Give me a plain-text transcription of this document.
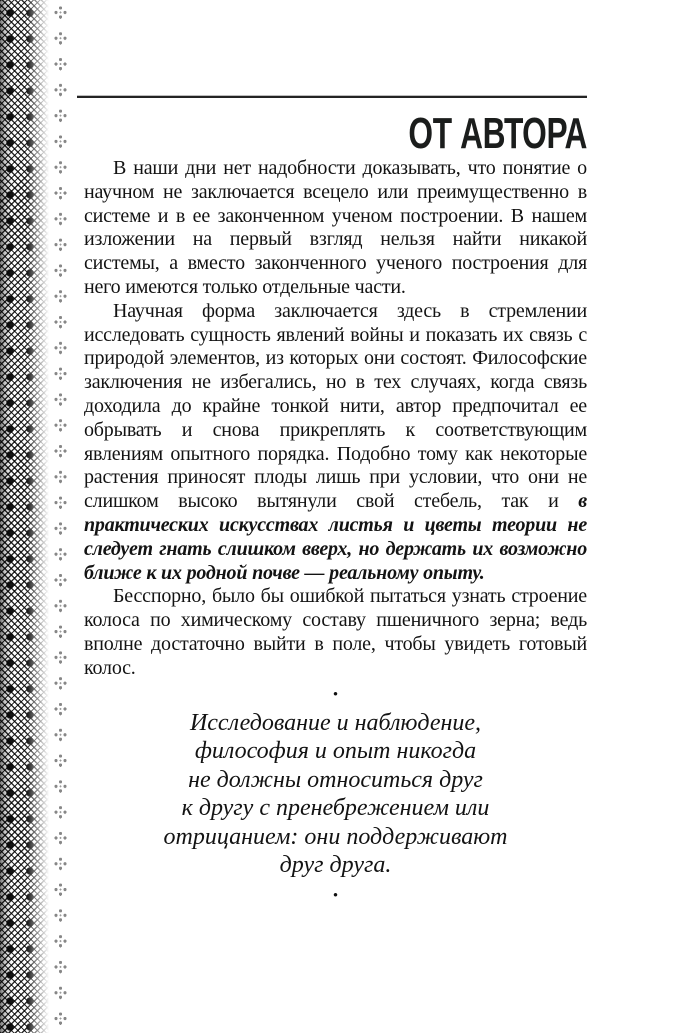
ОТ АВТОРА

В наши дни нет надобности доказывать, что понятие о научном не заключается всецело или преимущественно в системе и в ее законченном ученом построении. В нашем изложении на первый взгляд нельзя найти никакой системы, а вместо законченного ученого построения для него имеются только отдельные части.

Научная форма заключается здесь в стремлении исследовать сущность явлений войны и показать их связь с природой элементов, из которых они состоят. Философские заключения не избегались, но в тех случаях, когда связь доходила до крайне тонкой нити, автор предпочитал ее обрывать и снова прикреплять к соответствующим явлениям опытного порядка. Подобно тому как некоторые растения приносят плоды лишь при условии, что они не слишком высоко вытянули свой стебель, так и в практических искусствах листья и цветы теории не следует гнать слишком вверх, но держать их возможно ближе к их родной почве — реальному опыту.

Бесспорно, было бы ошибкой пытаться узнать строение колоса по химическому составу пшеничного зерна; ведь вполне достаточно выйти в поле, чтобы увидеть готовый колос.

•
Исследование и наблюдение,
философия и опыт никогда
не должны относиться друг
к другу с пренебрежением или
отрицанием: они поддерживают
друг друга.
•
